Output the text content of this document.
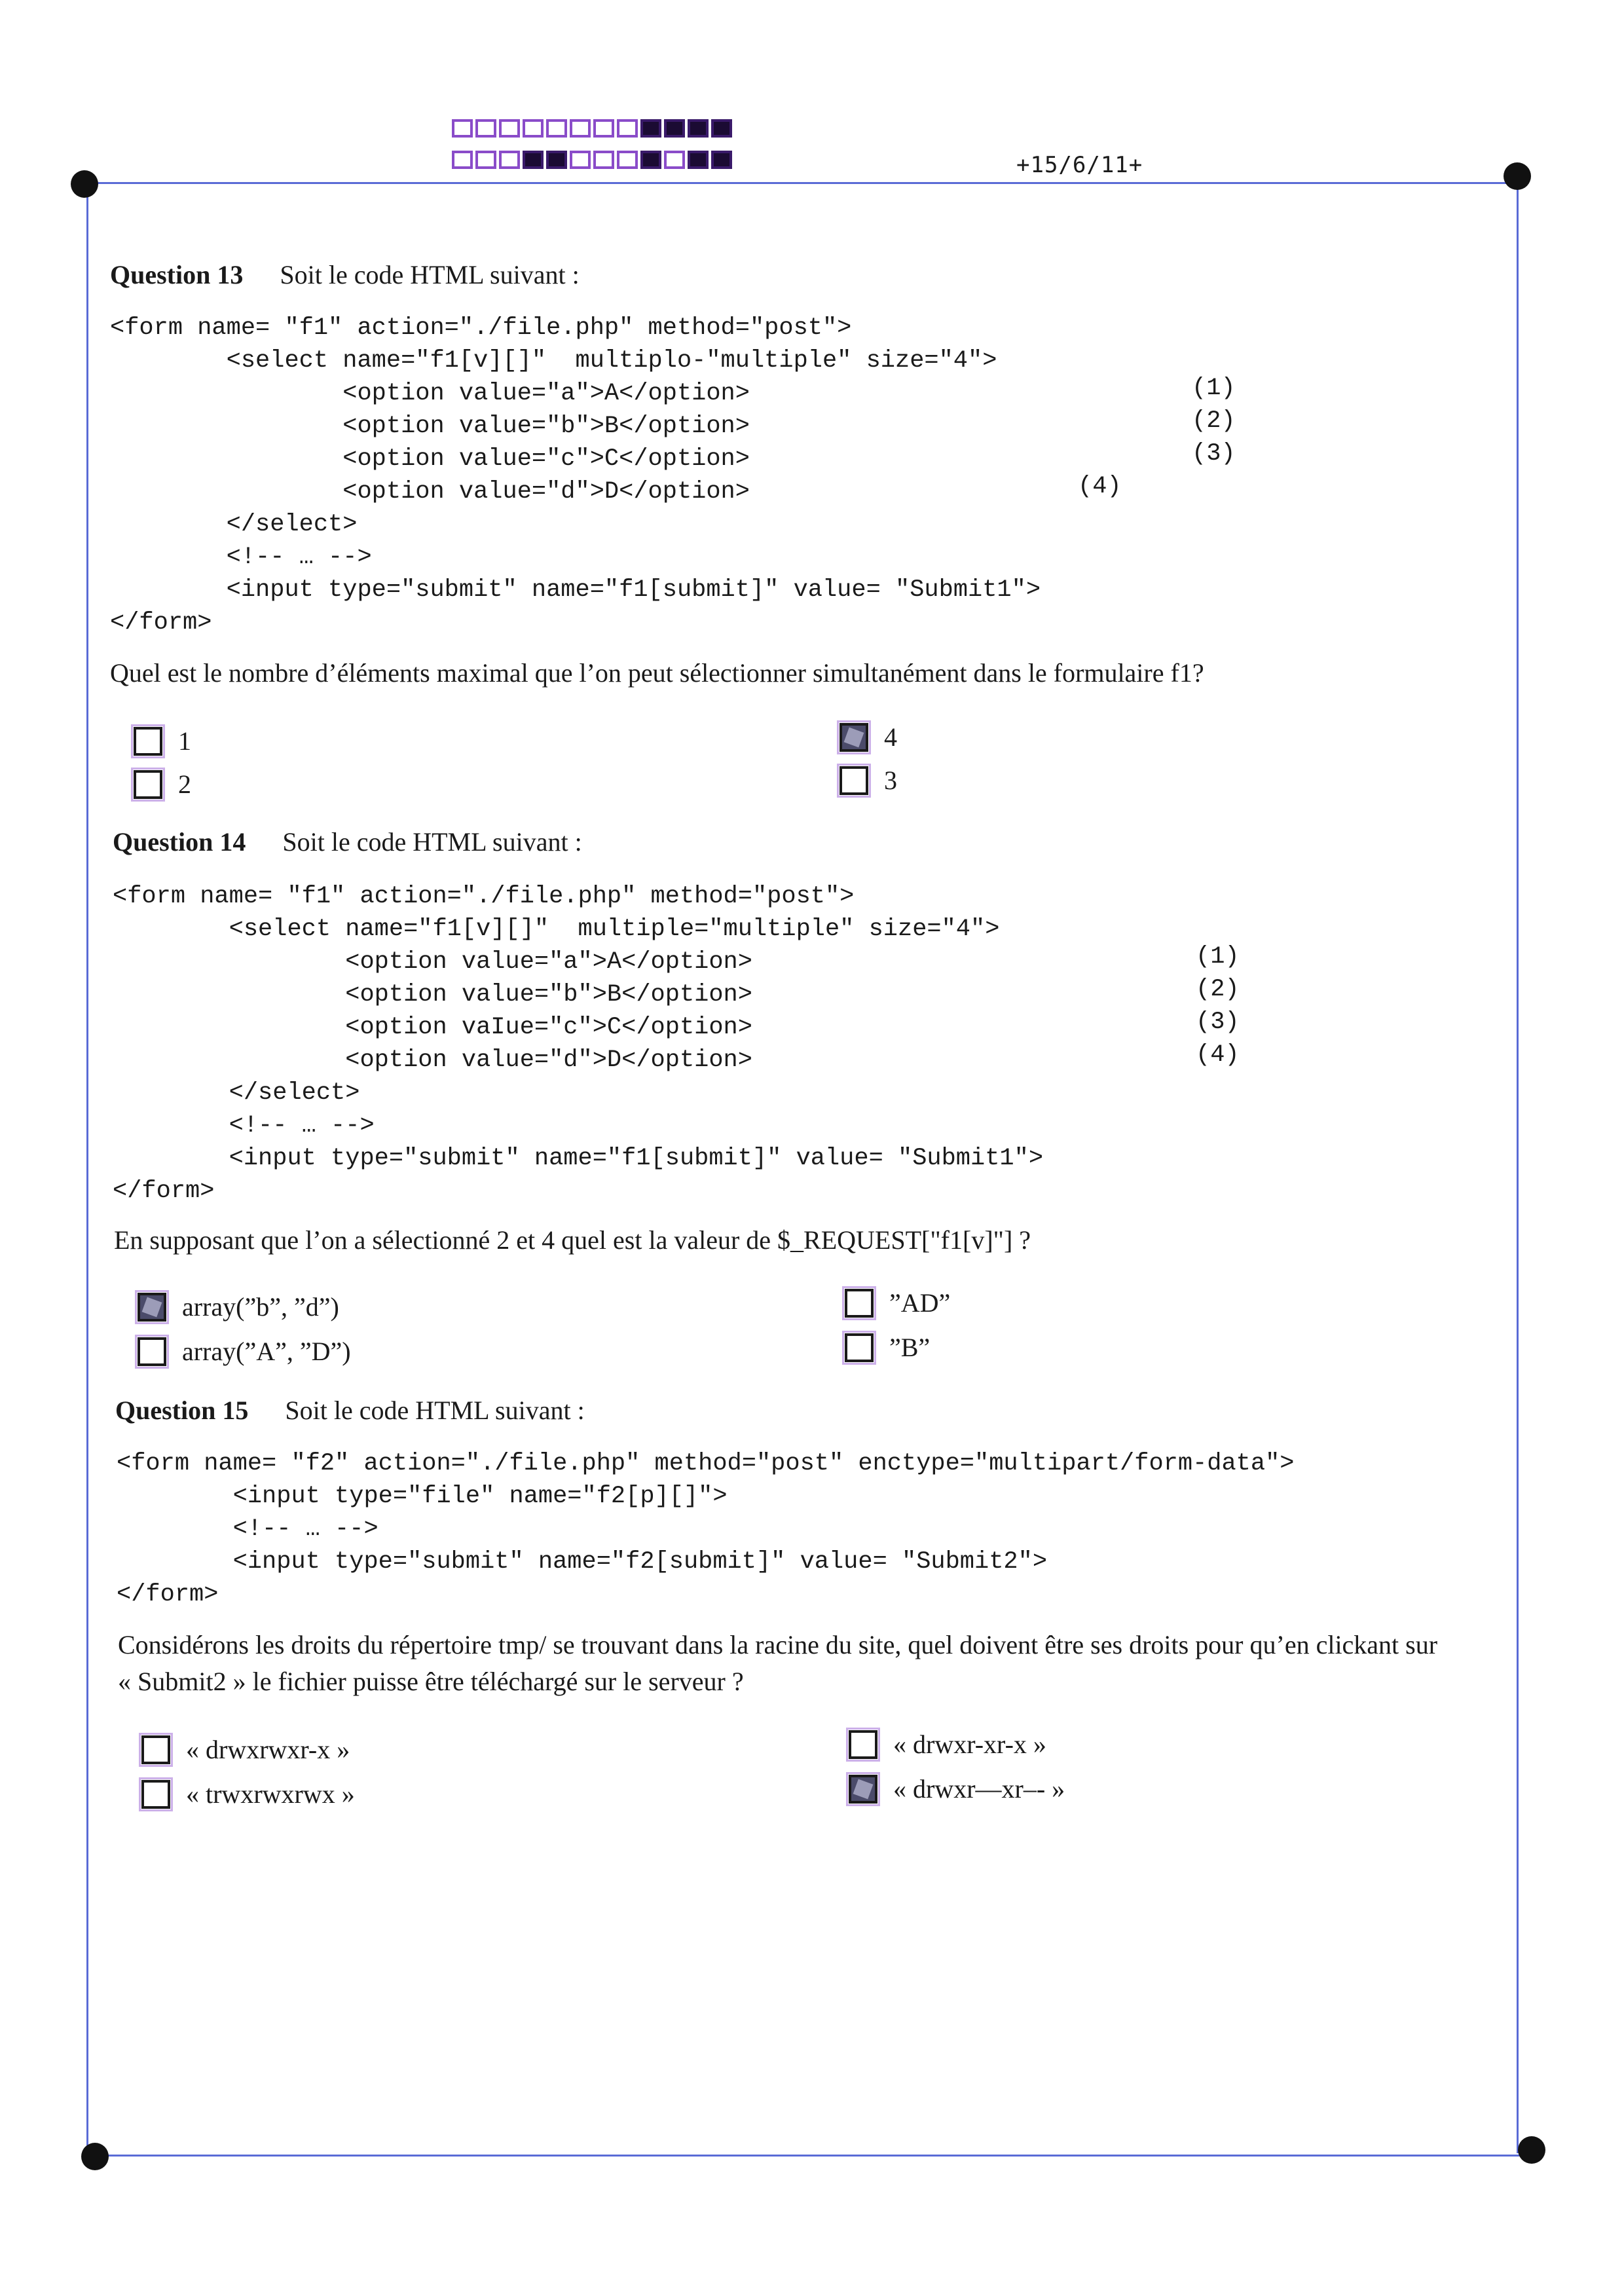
+15/6/11+
Question 13 Soit le code HTML suivant :
<form name= "f1" action="./file.php" method="post">
<select name="f1[v][]"  multiplo-"multiple" size="4">
<option value="a">A</option>
<option value="b">B</option>
<option value="c">C</option>
<option value="d">D</option>
</select>
<!-- … -->
<input type="submit" name="f1[submit]" value= "Submit1">
</form>
(1)
(2)
(3)
(4)
Quel est le nombre d’éléments maximal que l’on peut sélectionner simultanément dans le formulaire f1?
1	4
2	3
Question 14 Soit le code HTML suivant :
<form name= "f1" action="./file.php" method="post">
<select name="f1[v][]"  multiple="multiple" size="4">
<option value="a">A</option>
<option value="b">B</option>
<option vaIue="c">C</option>
<option value="d">D</option>
</select>
<!-- … -->
<input type="submit" name="f1[submit]" value= "Submit1">
</form>
(1)
(2)
(3)
(4)
En supposant que l’on a sélectionné 2 et 4 quel est la valeur de $_REQUEST["f1[v]"] ?
array(”b”, ”d”)	”AD”
array(”A”, ”D”)	”B”
Question 15 Soit le code HTML suivant :
<form name= "f2" action="./file.php" method="post" enctype="multipart/form-data">
<input type="file" name="f2[p][]">
<!-- … -->
<input type="submit" name="f2[submit]" value= "Submit2">
</form>
Considérons les droits du répertoire tmp/ se trouvant dans la racine du site, quel doivent être ses droits pour qu’en clickant sur
« Submit2 » le fichier puisse être téléchargé sur le serveur ?
« drwxrwxr-x »	« drwxr-xr-x »
« trwxrwxrwx »	« drwxr—xr–- »
